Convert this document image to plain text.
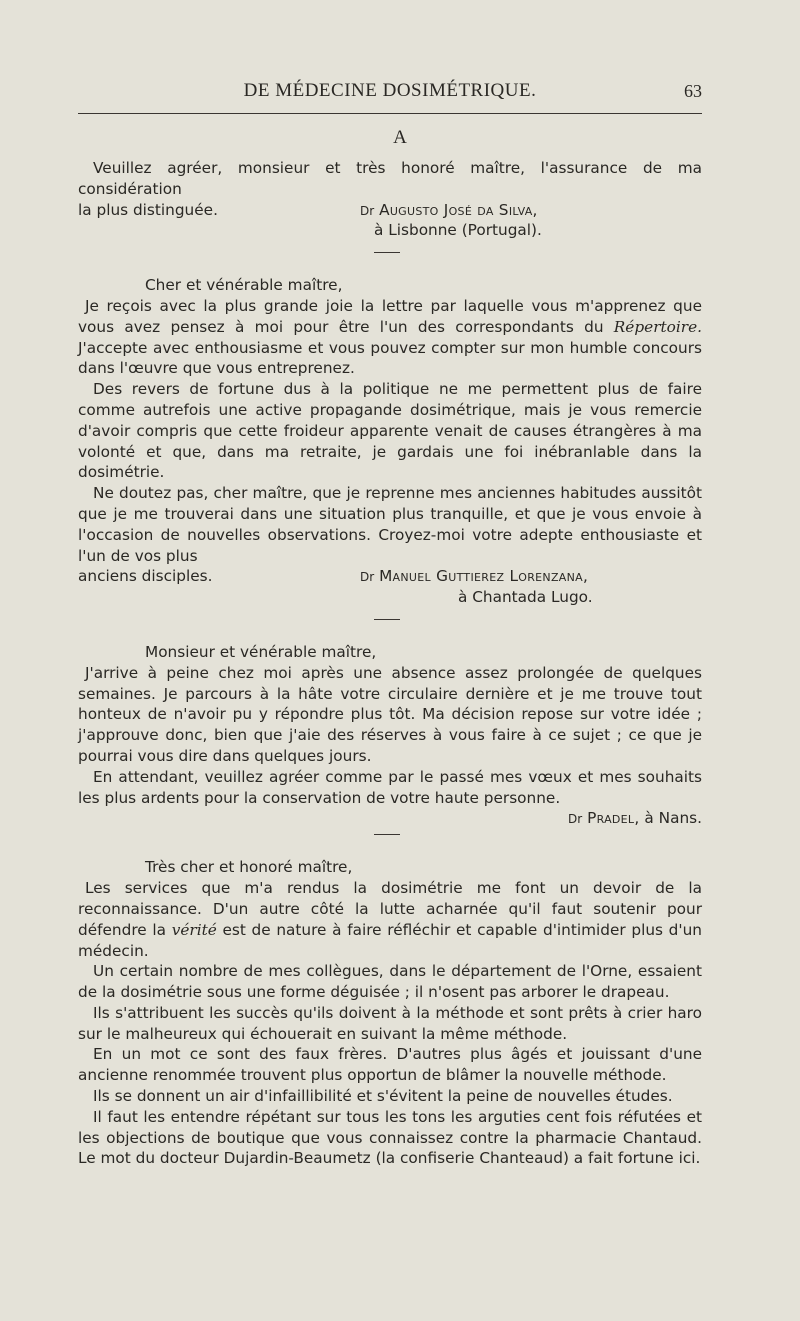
DE MÉDECINE DOSIMÉTRIQUE.	63
A

Veuillez agréer, monsieur et très honoré maître, l'assurance de ma considération

la plus distinguée.	Dr Augusto José da Silva,
à Lisbonne (Portugal).

Cher et vénérable maître,

Je reçois avec la plus grande joie la lettre par laquelle vous m'apprenez que vous avez pensez à moi pour être l'un des correspondants du Répertoire. J'accepte avec enthousiasme et vous pouvez compter sur mon humble concours dans l'œuvre que vous entreprenez.

Des revers de fortune dus à la politique ne me permettent plus de faire comme autrefois une active propagande dosimétrique, mais je vous remercie d'avoir compris que cette froideur apparente venait de causes étrangères à ma volonté et que, dans ma retraite, je gardais une foi inébranlable dans la dosimétrie.

Ne doutez pas, cher maître, que je reprenne mes anciennes habitudes aussitôt que je me trouverai dans une situation plus tranquille, et que je vous envoie à l'occasion de nouvelles observations. Croyez-moi votre adepte enthousiaste et l'un de vos plus

anciens disciples.	Dr Manuel Guttierez Lorenzana,
à Chantada Lugo.

Monsieur et vénérable maître,

J'arrive à peine chez moi après une absence assez prolongée de quelques semaines. Je parcours à la hâte votre circulaire dernière et je me trouve tout honteux de n'avoir pu y répondre plus tôt. Ma décision repose sur votre idée ; j'approuve donc, bien que j'aie des réserves à vous faire à ce sujet ; ce que je pourrai vous dire dans quelques jours.

En attendant, veuillez agréer comme par le passé mes vœux et mes souhaits les plus ardents pour la conservation de votre haute personne.
Dr Pradel, à Nans.

Très cher et honoré maître,

Les services que m'a rendus la dosimétrie me font un devoir de la reconnaissance. D'un autre côté la lutte acharnée qu'il faut soutenir pour défendre la vérité est de nature à faire réfléchir et capable d'intimider plus d'un médecin.

Un certain nombre de mes collègues, dans le département de l'Orne, essaient de la dosimétrie sous une forme déguisée ; il n'osent pas arborer le drapeau.

Ils s'attribuent les succès qu'ils doivent à la méthode et sont prêts à crier haro sur le malheureux qui échouerait en suivant la même méthode.

En un mot ce sont des faux frères. D'autres plus âgés et jouissant d'une ancienne renommée trouvent plus opportun de blâmer la nouvelle méthode.

Ils se donnent un air d'infaillibilité et s'évitent la peine de nouvelles études.

Il faut les entendre répétant sur tous les tons les arguties cent fois réfutées et les objections de boutique que vous connaissez contre la pharmacie Chantaud. Le mot du docteur Dujardin-Beaumetz (la confiserie Chanteaud) a fait fortune ici.
